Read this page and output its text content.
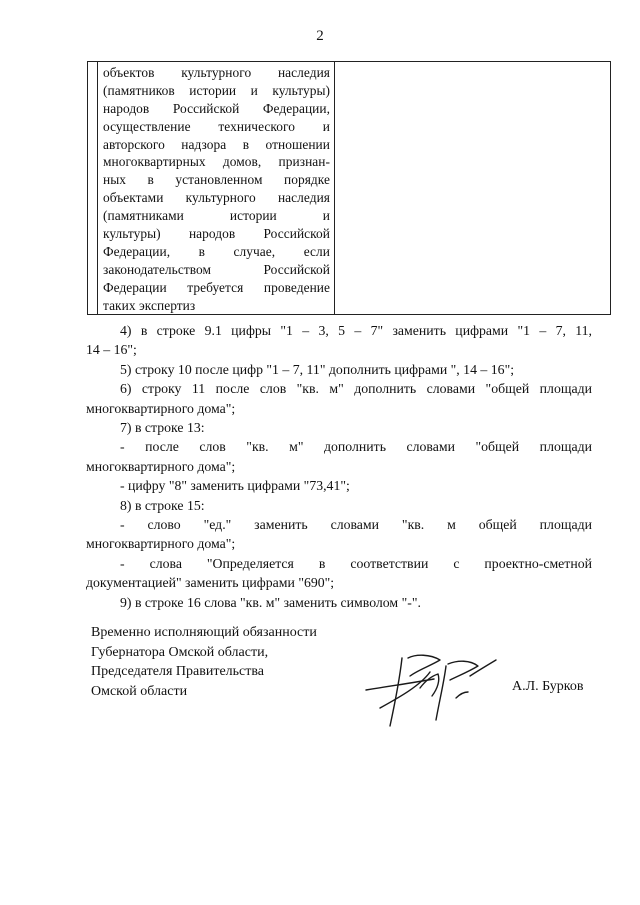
2

объектов культурного наследия
(памятников истории и культуры)
народов Российской Федерации,
осуществление технического и
авторского надзора в отношении
многоквартирных домов, признан-
ных в установленном порядке
объектами культурного наследия
(памятниками истории и
культуры) народов Российской
Федерации, в случае, если
законодательством Российской
Федерации требуется проведение
таких экспертиз

4) в строке 9.1 цифры "1 – 3, 5 – 7" заменить цифрами "1 – 7, 11,
14 – 16";
5) строку 10 после цифр "1 – 7, 11" дополнить цифрами ", 14 – 16";
6) строку 11 после слов "кв. м" дополнить словами "общей площади
многоквартирного дома";
7) в строке 13:
- после слов "кв. м" дополнить словами "общей площади
многоквартирного дома";
- цифру "8" заменить цифрами "73,41";
8) в строке 15:
- слово "ед." заменить словами "кв. м общей площади
многоквартирного дома";
- слова "Определяется в соответствии с проектно-сметной
документацией" заменить цифрами "690";
9) в строке 16 слова "кв. м" заменить символом "-".
Временно исполняющий обязанности
Губернатора Омской области,
Председателя Правительства
Омской области	А.Л. Бурков
